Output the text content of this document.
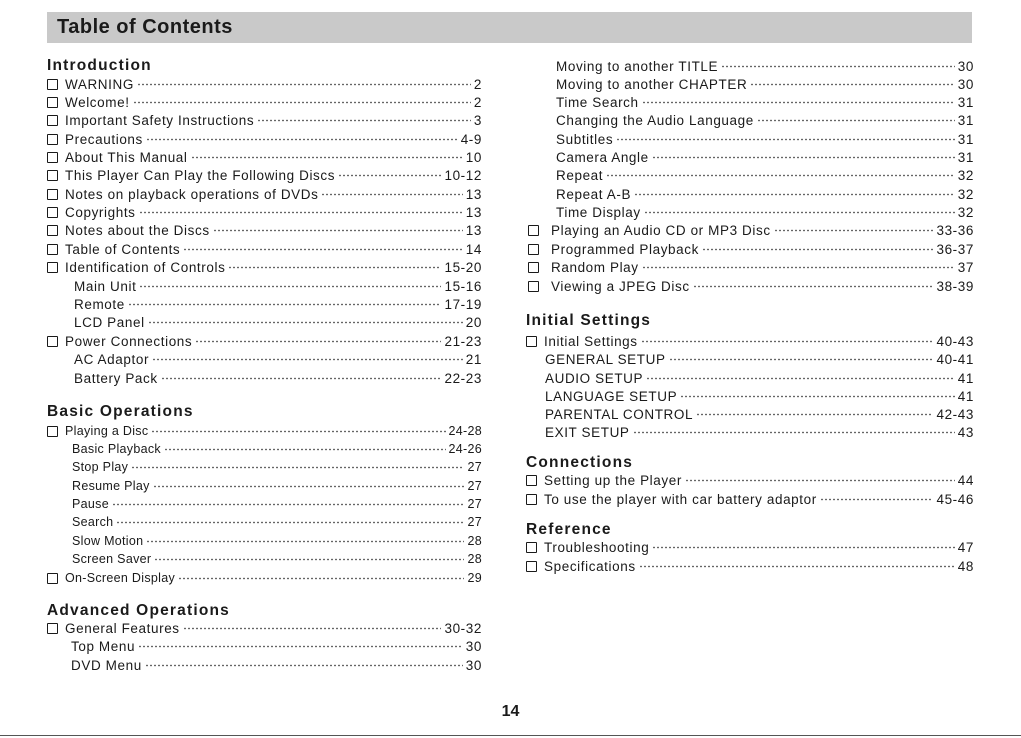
Table of Contents
Introduction
WARNING	2
Welcome!	2
Important Safety Instructions	3
Precautions	4-9
About This Manual	10
This Player Can Play the Following Discs	10-12
Notes on playback operations of DVDs	13
Copyrights	13
Notes about the Discs	13
Table of Contents	14
Identification of Controls	15-20
Main Unit	15-16
Remote	17-19
LCD Panel	20
Power Connections	21-23
AC Adaptor	21
Battery Pack	22-23
Basic Operations
Playing a Disc	24-28
Basic Playback	24-26
Stop Play	27
Resume Play	27
Pause	27
Search	27
Slow Motion	28
Screen Saver	28
On-Screen Display	29
Advanced Operations
General Features	30-32
Top Menu	30
DVD Menu	30
Moving to another TITLE	30
Moving to another CHAPTER	30
Time Search	31
Changing the Audio Language	31
Subtitles	31
Camera Angle	31
Repeat	32
Repeat A-B	32
Time Display	32
Playing an Audio CD or MP3 Disc	33-36
Programmed Playback	36-37
Random Play	37
Viewing a JPEG Disc	38-39
Initial Settings
Initial Settings	40-43
GENERAL SETUP	40-41
AUDIO SETUP	41
LANGUAGE SETUP	41
PARENTAL CONTROL	42-43
EXIT SETUP	43
Connections
Setting up the Player	44
To use the player with car battery adaptor	45-46
Reference
Troubleshooting	47
Specifications	48
14
